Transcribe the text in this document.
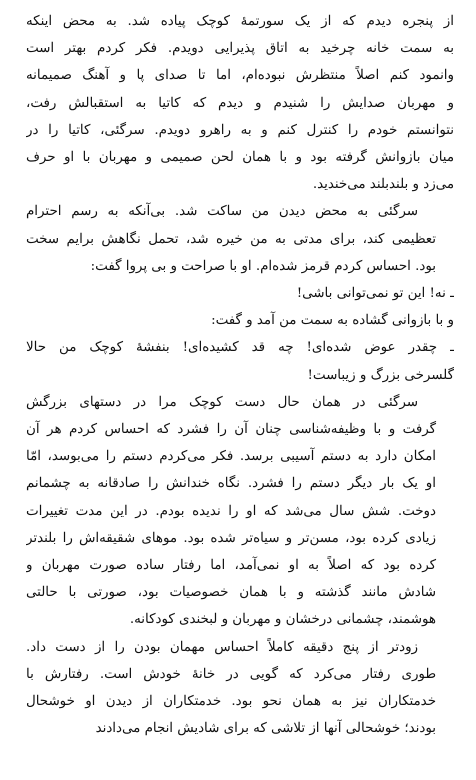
از پنجره دیدم که از یک سورتمهٔ کوچک پیاده شد. به محض اینکه
به سمت خانه چرخید به اتاق پذیرایی دویدم. فکر کردم بهتر است
وانمود کنم اصلاً منتظرش نبوده‌ام، اما تا صدای پا و آهنگ صمیمانه
و مهربان صدایش را شنیدم و دیدم که کاتیا به استقبالش رفت،
نتوانستم خودم را کنترل کنم و به راهرو دویدم. سرگئی، کاتیا را در
میان بازوانش گرفته بود و با همان لحن صمیمی و مهربان با او حرف
می‌زد و بلندبلند می‌خندید.
سرگئی به محض دیدن من ساکت شد. بی‌آنکه به رسم احترام
تعظیمی کند، برای مدتی به من خیره شد، تحمل نگاهش برایم سخت
بود. احساس کردم قرمز شده‌ام. او با صراحت و بی پروا گفت:
ـ نه! این تو نمی‌توانی باشی!
و با بازوانی گشاده به سمت من آمد و گفت:
ـ چقدر عوض شده‌ای! چه قد کشیده‌ای! بنفشهٔ کوچک من حالا
گلسرخی بزرگ و زیباست!
سرگئی در همان حال دست کوچک مرا در دستهای بزرگش
گرفت و با وظیفه‌شناسی چنان آن را فشرد که احساس کردم هر آن
امکان دارد به دستم آسیبی برسد. فکر می‌کردم دستم را می‌بوسد، امّا
او یک بار دیگر دستم را فشرد. نگاه خندانش را صادقانه به چشمانم
دوخت. شش سال می‌شد که او را ندیده بودم. در این مدت تغییرات
زیادی کرده بود، مسن‌تر و سیاه‌تر شده بود. موهای شقیقه‌اش را بلندتر
کرده بود که اصلاً به او نمی‌آمد، اما رفتار ساده صورت مهربان و
شادش مانند گذشته و با همان خصوصیات بود، صورتی با حالتی
هوشمند، چشمانی درخشان و مهربان و لبخندی کودکانه.
زودتر از پنج دقیقه کاملاً احساس مهمان بودن را از دست داد.
طوری رفتار می‌کرد که گویی در خانهٔ خودش است. رفتارش با
خدمتکاران نیز به همان نحو بود. خدمتکاران از دیدن او خوشحال
بودند؛ خوشحالی آنها از تلاشی که برای شادیش انجام می‌دادند
